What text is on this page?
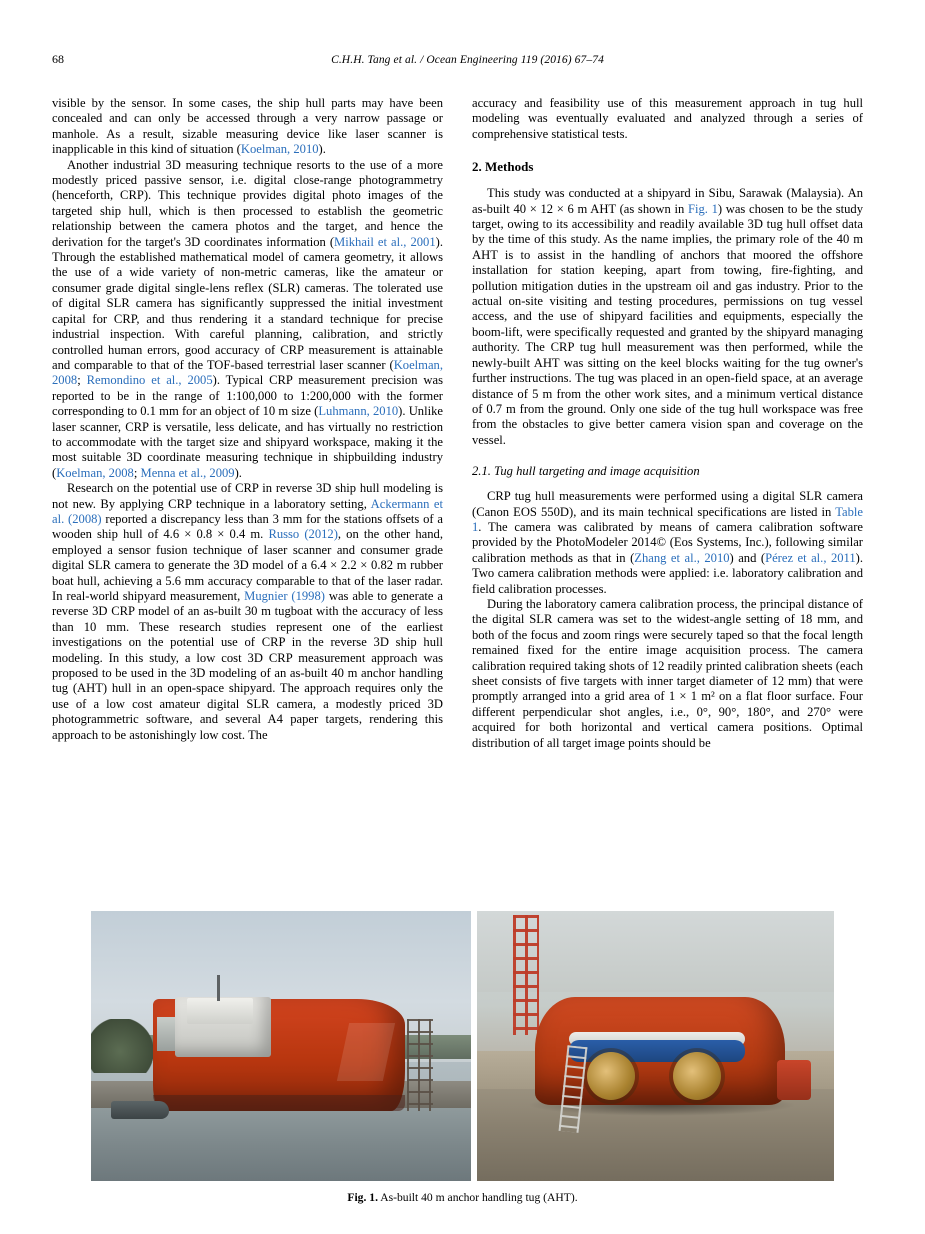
68	C.H.H. Tang et al. / Ocean Engineering 119 (2016) 67–74

visible by the sensor. In some cases, the ship hull parts may have been concealed and can only be accessed through a very narrow passage or manhole. As a result, sizable measuring device like laser scanner is inapplicable in this kind of situation (Koelman, 2010).

Another industrial 3D measuring technique resorts to the use of a more modestly priced passive sensor, i.e. digital close-range photogrammetry (henceforth, CRP). This technique provides digital photo images of the targeted ship hull, which is then processed to establish the geometric relationship between the camera photos and the target, and hence the derivation for the target's 3D coordinates information (Mikhail et al., 2001). Through the established mathematical model of camera geometry, it allows the use of a wide variety of non-metric cameras, like the amateur or consumer grade digital single-lens reflex (SLR) cameras. The tolerated use of digital SLR camera has significantly suppressed the initial investment capital for CRP, and thus rendering it a standard technique for precise industrial inspection. With careful planning, calibration, and strictly controlled human errors, good accuracy of CRP measurement is attainable and comparable to that of the TOF-based terrestrial laser scanner (Koelman, 2008; Remondino et al., 2005). Typical CRP measurement precision was reported to be in the range of 1:100,000 to 1:200,000 with the former corresponding to 0.1 mm for an object of 10 m size (Luhmann, 2010). Unlike laser scanner, CRP is versatile, less delicate, and has virtually no restriction to accommodate with the target size and shipyard workspace, making it the most suitable 3D coordinate measuring technique in shipbuilding industry (Koelman, 2008; Menna et al., 2009).

Research on the potential use of CRP in reverse 3D ship hull modeling is not new. By applying CRP technique in a laboratory setting, Ackermann et al. (2008) reported a discrepancy less than 3 mm for the stations offsets of a wooden ship hull of 4.6 × 0.8 × 0.4 m. Russo (2012), on the other hand, employed a sensor fusion technique of laser scanner and consumer grade digital SLR camera to generate the 3D model of a 6.4 × 2.2 × 0.82 m rubber boat hull, achieving a 5.6 mm accuracy comparable to that of the laser radar. In real-world shipyard measurement, Mugnier (1998) was able to generate a reverse 3D CRP model of an as-built 30 m tugboat with the accuracy of less than 10 mm. These research studies represent one of the earliest investigations on the potential use of CRP in the reverse 3D ship hull modeling. In this study, a low cost 3D CRP measurement approach was proposed to be used in the 3D modeling of an as-built 40 m anchor handling tug (AHT) hull in an open-space shipyard. The approach requires only the use of a low cost amateur digital SLR camera, a modestly priced 3D photogrammetric software, and several A4 paper targets, rendering this approach to be astonishingly low cost. The

accuracy and feasibility use of this measurement approach in tug hull modeling was eventually evaluated and analyzed through a series of comprehensive statistical tests.

2. Methods

This study was conducted at a shipyard in Sibu, Sarawak (Malaysia). An as-built 40 × 12 × 6 m AHT (as shown in Fig. 1) was chosen to be the study target, owing to its accessibility and readily available 3D tug hull offset data by the time of this study. As the name implies, the primary role of the 40 m AHT is to assist in the handling of anchors that moored the offshore installation for station keeping, apart from towing, fire-fighting, and pollution mitigation duties in the upstream oil and gas industry. Prior to the actual on-site visiting and testing procedures, permissions on tug vessel access, and the use of shipyard facilities and equipments, especially the boom-lift, were specifically requested and granted by the shipyard managing authority. The CRP tug hull measurement was then performed, while the newly-built AHT was sitting on the keel blocks waiting for the tug owner's further instructions. The tug was placed in an open-field space, at an average distance of 5 m from the other work sites, and a minimum vertical distance of 0.7 m from the ground. Only one side of the tug hull workspace was free from the obstacles to give better camera vision span and coverage on the vessel.

2.1. Tug hull targeting and image acquisition

CRP tug hull measurements were performed using a digital SLR camera (Canon EOS 550D), and its main technical specifications are listed in Table 1. The camera was calibrated by means of camera calibration software provided by the PhotoModeler 2014© (Eos Systems, Inc.), following similar calibration methods as that in (Zhang et al., 2010) and (Pérez et al., 2011). Two camera calibration methods were applied: i.e. laboratory calibration and field calibration processes.

During the laboratory camera calibration process, the principal distance of the digital SLR camera was set to the widest-angle setting of 18 mm, and both of the focus and zoom rings were securely taped so that the focal length remained fixed for the entire image acquisition process. The camera calibration required taking shots of 12 readily printed calibration sheets (each sheet consists of five targets with inner target diameter of 12 mm) that were promptly arranged into a grid area of 1 × 1 m² on a flat floor surface. Four different perpendicular shot angles, i.e., 0°, 90°, 180°, and 270° were acquired for both horizontal and vertical camera positions. Optimal distribution of all target image points should be

Fig. 1. As-built 40 m anchor handling tug (AHT).
